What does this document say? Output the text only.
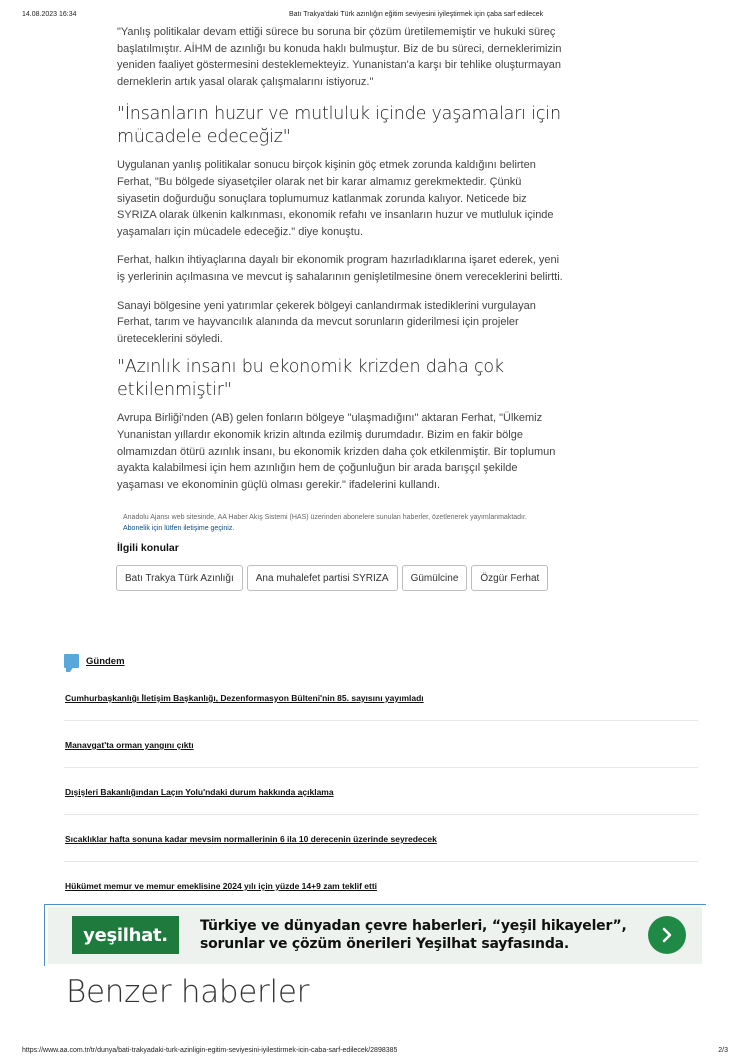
14.08.2023 16:34	Batı Trakya'daki Türk azınlığın eğitim seviyesini iyileştirmek için çaba sarf edilecek

"Yanlış politikalar devam ettiği sürece bu soruna bir çözüm üretilememiştir ve hukuki süreç başlatılmıştır. AİHM de azınlığı bu konuda haklı bulmuştur. Biz de bu süreci, derneklerimizin yeniden faaliyet göstermesini desteklemekteyiz. Yunanistan'a karşı bir tehlike oluşturmayan derneklerin artık yasal olarak çalışmalarını istiyoruz."

"İnsanların huzur ve mutluluk içinde yaşamaları için mücadele edeceğiz"

Uygulanan yanlış politikalar sonucu birçok kişinin göç etmek zorunda kaldığını belirten Ferhat, "Bu bölgede siyasetçiler olarak net bir karar almamız gerekmektedir. Çünkü siyasetin doğurduğu sonuçlara toplumumuz katlanmak zorunda kalıyor. Neticede biz SYRIZA olarak ülkenin kalkınması, ekonomik refahı ve insanların huzur ve mutluluk içinde yaşamaları için mücadele edeceğiz." diye konuştu.

Ferhat, halkın ihtiyaçlarına dayalı bir ekonomik program hazırladıklarına işaret ederek, yeni iş yerlerinin açılmasına ve mevcut iş sahalarının genişletilmesine önem vereceklerini belirtti.

Sanayi bölgesine yeni yatırımlar çekerek bölgeyi canlandırmak istediklerini vurgulayan Ferhat, tarım ve hayvancılık alanında da mevcut sorunların giderilmesi için projeler üreteceklerini söyledi.

"Azınlık insanı bu ekonomik krizden daha çok etkilenmiştir"

Avrupa Birliği'nden (AB) gelen fonların bölgeye "ulaşmadığını" aktaran Ferhat, "Ülkemiz Yunanistan yıllardır ekonomik krizin altında ezilmiş durumdadır. Bizim en fakir bölge olmamızdan ötürü azınlık insanı, bu ekonomik krizden daha çok etkilenmiştir. Bir toplumun ayakta kalabilmesi için hem azınlığın hem de çoğunluğun bir arada barışçıl şekilde yaşaması ve ekonominin güçlü olması gerekir." ifadelerini kullandı.

Anadolu Ajansı web sitesinde, AA Haber Akış Sistemi (HAS) üzerinden abonelere sunulan haberler, özetlenerek yayımlanmaktadır. Abonelik için lütfen iletişime geçiniz.
İlgili konular
Batı Trakya Türk Azınlığı	Ana muhalefet partisi SYRIZA	Gümülcine	Özgür Ferhat
Gündem
Cumhurbaşkanlığı İletişim Başkanlığı, Dezenformasyon Bülteni'nin 85. sayısını yayımladı
Manavgat'ta orman yangını çıktı
Dışişleri Bakanlığından Laçın Yolu'ndaki durum hakkında açıklama
Sıcaklıklar hafta sonuna kadar mevsim normallerinin 6 ila 10 derecenin üzerinde seyredecek
Hükümet memur ve memur emeklisine 2024 yılı için yüzde 14+9 zam teklif etti
yeşilhat.	Türkiye ve dünyadan çevre haberleri, “yeşil hikayeler”,
sorunlar ve çözüm önerileri Yeşilhat sayfasında.
Benzer haberler
https://www.aa.com.tr/tr/dunya/bati-trakyadaki-turk-azinligin-egitim-seviyesini-iyilestirmek-icin-caba-sarf-edilecek/2898385	2/3
